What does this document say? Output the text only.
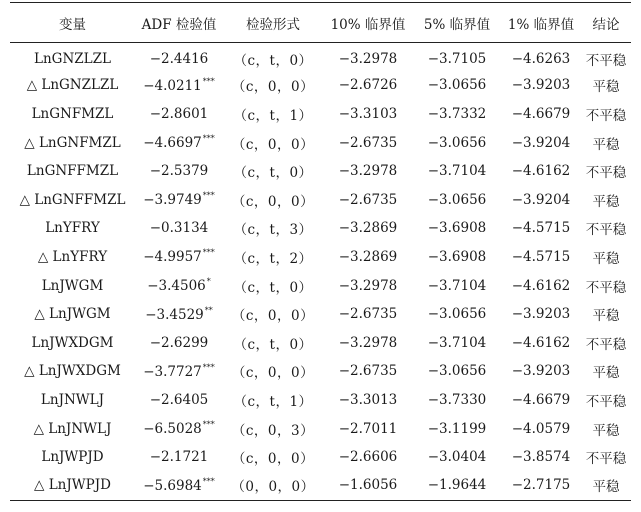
变量	ADF 检验值	检验形式	10% 临界值	5% 临界值	1% 临界值	结论
LnGNZLZL	−2.4416	（c，t，0）	−3.2978	−3.7105	−4.6263	不平稳
△ LnGNZLZL	−4.0211***	（c，0，0）	−2.6726	−3.0656	−3.9203	平稳
LnGNFMZL	−2.8601	（c，t，1）	−3.3103	−3.7332	−4.6679	不平稳
△ LnGNFMZL	−4.6697***	（c，0，0）	−2.6735	−3.0656	−3.9204	平稳
LnGNFFMZL	−2.5379	（c，t，0）	−3.2978	−3.7104	−4.6162	不平稳
△ LnGNFFMZL	−3.9749***	（c，0，0）	−2.6735	−3.0656	−3.9204	平稳
LnYFRY	−0.3134	（c，t，3）	−3.2869	−3.6908	−4.5715	不平稳
△ LnYFRY	−4.9957***	（c，t，2）	−3.2869	−3.6908	−4.5715	平稳
LnJWGM	−3.4506*	（c，t，0）	−3.2978	−3.7104	−4.6162	不平稳
△ LnJWGM	−3.4529**	（c，0，0）	−2.6735	−3.0656	−3.9203	平稳
LnJWXDGM	−2.6299	（c，t，0）	−3.2978	−3.7104	−4.6162	不平稳
△ LnJWXDGM	−3.7727***	（c，0，0）	−2.6735	−3.0656	−3.9203	平稳
LnJNWLJ	−2.6405	（c，t，1）	−3.3013	−3.7330	−4.6679	不平稳
△ LnJNWLJ	−6.5028***	（c，0，3）	−2.7011	−3.1199	−4.0579	平稳
LnJWPJD	−2.1721	（c，0，0）	−2.6606	−3.0404	−3.8574	不平稳
△ LnJWPJD	−5.6984***	（0，0，0）	−1.6056	−1.9644	−2.7175	平稳
